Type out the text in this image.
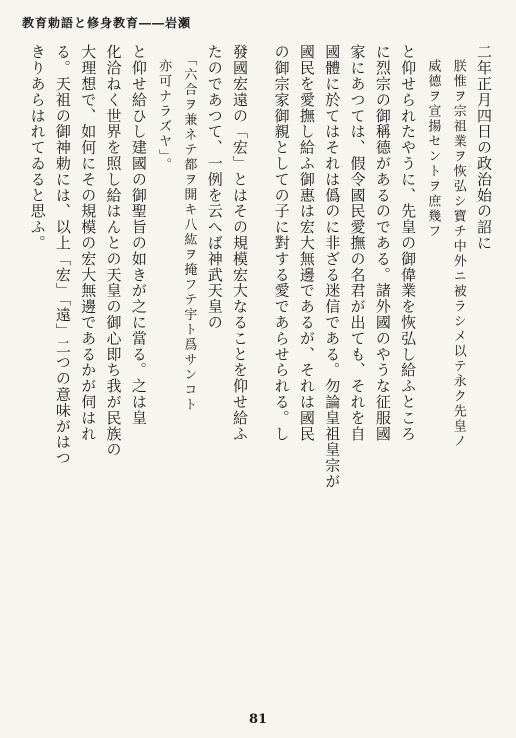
教育勅語と修身教育――岩瀬

二年正月四日の政治始の詔に

　朕惟ヲ宗祖業ヲ恢弘シ寶チ中外ニ被ラシメ以テ永ク先皇ノ

　威德ヲ宣揚セントヲ庶幾フ

と仰せられたやうに、先皇の御偉業を恢弘し給ふところ

に烈宗の御稱德があるのである。諸外國のやうな征服國

家にあつては、假令國民愛撫の名君が出ても、それを自

國體に於てはそれは僞のに非ざる迷信である。勿論皇祖皇宗が

國民を愛撫し給ふ御惠は宏大無邊であるが、それは國民

の御宗家御親としての子に對する愛であらせられる。し

發國宏遠の「宏」とはその規模宏大なることを仰せ給ふ

たのであつて、一例を云へば神武天皇の

　「六合ヲ兼ネテ都ヲ開キ八紘ヲ掩フテ宇ト爲サンコト

　亦可ナラズヤ」。

と仰せ給ひし建國の御聖旨の如きが之に當る。之は皇

化洽ねく世界を照し給はんとの天皇の御心即ち我が民族の

大理想で、如何にその規模の宏大無邊であるかが伺はれ

る。天祖の御神勅には、以上「宏」「遠」二つの意味がはつ

きりあらはれてゐると思ふ。

81
